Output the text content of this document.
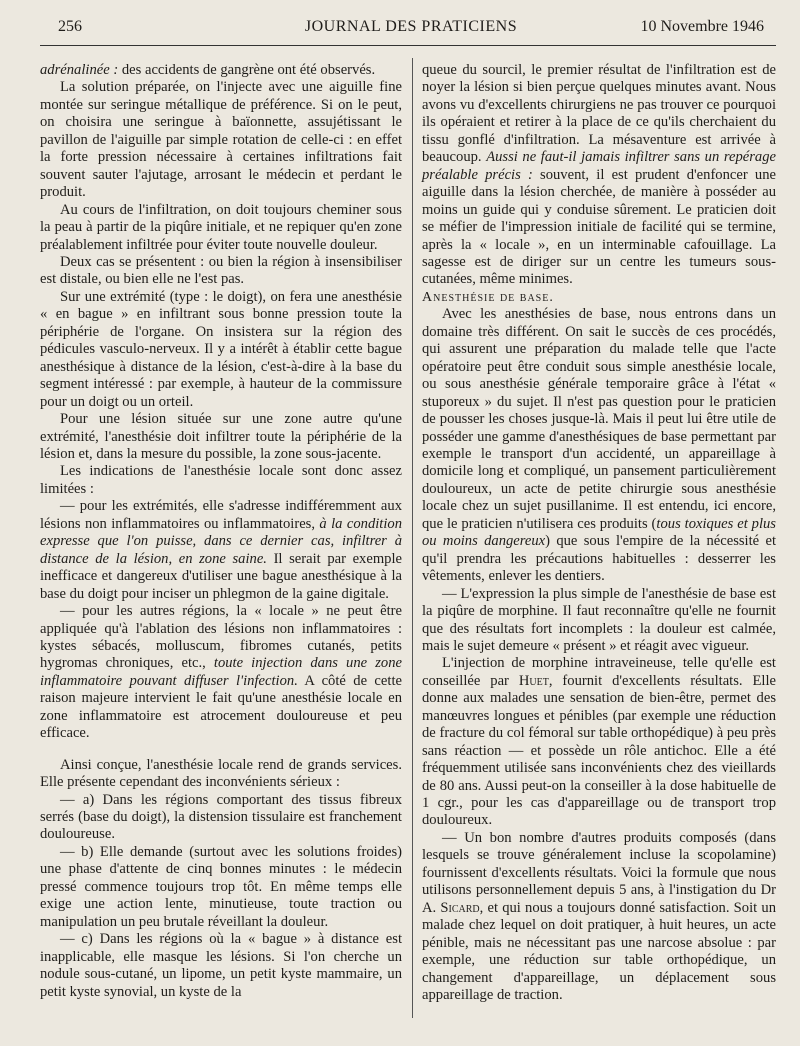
256	JOURNAL DES PRATICIENS	10 Novembre 1946

adrénalinée : des accidents de gangrène ont été observés.

La solution préparée, on l'injecte avec une aiguille fine montée sur seringue métallique de préférence. Si on le peut, on choisira une seringue à baïonnette, assujétissant le pavillon de l'aiguille par simple rotation de celle-ci : en effet la forte pression nécessaire à certaines infiltrations fait souvent sauter l'ajutage, arrosant le médecin et perdant le produit.

Au cours de l'infiltration, on doit toujours cheminer sous la peau à partir de la piqûre initiale, et ne repiquer qu'en zone préalablement infiltrée pour éviter toute nouvelle douleur.

Deux cas se présentent : ou bien la région à insensibiliser est distale, ou bien elle ne l'est pas.

Sur une extrémité (type : le doigt), on fera une anesthésie « en bague » en infiltrant sous bonne pression toute la périphérie de l'organe. On insistera sur la région des pédicules vasculo-nerveux. Il y a intérêt à établir cette bague anesthésique à distance de la lésion, c'est-à-dire à la base du segment intéressé : par exemple, à hauteur de la commissure pour un doigt ou un orteil.

Pour une lésion située sur une zone autre qu'une extrémité, l'anesthésie doit infiltrer toute la périphérie de la lésion et, dans la mesure du possible, la zone sous-jacente.

Les indications de l'anesthésie locale sont donc assez limitées :

— pour les extrémités, elle s'adresse indifféremment aux lésions non inflammatoires ou inflammatoires, à la condition expresse que l'on puisse, dans ce dernier cas, infiltrer à distance de la lésion, en zone saine. Il serait par exemple inefficace et dangereux d'utiliser une bague anesthésique à la base du doigt pour inciser un phlegmon de la gaine digitale.

— pour les autres régions, la « locale » ne peut être appliquée qu'à l'ablation des lésions non inflammatoires : kystes sébacés, molluscum, fibromes cutanés, petits hygromas chroniques, etc., toute injection dans une zone inflammatoire pouvant diffuser l'infection. A côté de cette raison majeure intervient le fait qu'une anesthésie locale en zone inflammatoire est atrocement douloureuse et peu efficace.

Ainsi conçue, l'anesthésie locale rend de grands services. Elle présente cependant des inconvénients sérieux :

— a) Dans les régions comportant des tissus fibreux serrés (base du doigt), la distension tissulaire est franchement douloureuse.

— b) Elle demande (surtout avec les solutions froides) une phase d'attente de cinq bonnes minutes : le médecin pressé commence toujours trop tôt. En même temps elle exige une action lente, minutieuse, toute traction ou manipulation un peu brutale réveillant la douleur.

— c) Dans les régions où la « bague » à distance est inapplicable, elle masque les lésions. Si l'on cherche un nodule sous-cutané, un lipome, un petit kyste mammaire, un petit kyste synovial, un kyste de la

queue du sourcil, le premier résultat de l'infiltration est de noyer la lésion si bien perçue quelques minutes avant. Nous avons vu d'excellents chirurgiens ne pas trouver ce pourquoi ils opéraient et retirer à la place de ce qu'ils cherchaient du tissu gonflé d'infiltration. La mésaventure est arrivée à beaucoup. Aussi ne faut-il jamais infiltrer sans un repérage préalable précis : souvent, il est prudent d'enfoncer une aiguille dans la lésion cherchée, de manière à posséder au moins un guide qui y conduise sûrement. Le praticien doit se méfier de l'impression initiale de facilité qui se termine, après la « locale », en un interminable cafouillage. La sagesse est de diriger sur un centre les tumeurs sous-cutanées, même minimes.

Anesthésie de base.

Avec les anesthésies de base, nous entrons dans un domaine très différent. On sait le succès de ces procédés, qui assurent une préparation du malade telle que l'acte opératoire peut être conduit sous simple anesthésie locale, ou sous anesthésie générale temporaire grâce à l'état « stuporeux » du sujet. Il n'est pas question pour le praticien de pousser les choses jusque-là. Mais il peut lui être utile de posséder une gamme d'anesthésiques de base permettant par exemple le transport d'un accidenté, un appareillage à domicile long et compliqué, un pansement particulièrement douloureux, un acte de petite chirurgie sous anesthésie locale chez un sujet pusillanime. Il est entendu, ici encore, que le praticien n'utilisera ces produits (tous toxiques et plus ou moins dangereux) que sous l'empire de la nécessité et qu'il prendra les précautions habituelles : desserrer les vêtements, enlever les dentiers.

— L'expression la plus simple de l'anesthésie de base est la piqûre de morphine. Il faut reconnaître qu'elle ne fournit que des résultats fort incomplets : la douleur est calmée, mais le sujet demeure « présent » et réagit avec vigueur.

L'injection de morphine intraveineuse, telle qu'elle est conseillée par Huet, fournit d'excellents résultats. Elle donne aux malades une sensation de bien-être, permet des manœuvres longues et pénibles (par exemple une réduction de fracture du col fémoral sur table orthopédique) à peu près sans réaction — et possède un rôle antichoc. Elle a été fréquemment utilisée sans inconvénients chez des vieillards de 80 ans. Aussi peut-on la conseiller à la dose habituelle de 1 cgr., pour les cas d'appareillage ou de transport trop douloureux.

— Un bon nombre d'autres produits composés (dans lesquels se trouve généralement incluse la scopolamine) fournissent d'excellents résultats. Voici la formule que nous utilisons personnellement depuis 5 ans, à l'instigation du Dr A. Sicard, et qui nous a toujours donné satisfaction. Soit un malade chez lequel on doit pratiquer, à huit heures, un acte pénible, mais ne nécessitant pas une narcose absolue : par exemple, une réduction sur table orthopédique, un changement d'appareillage, un déplacement sous appareillage de traction.
